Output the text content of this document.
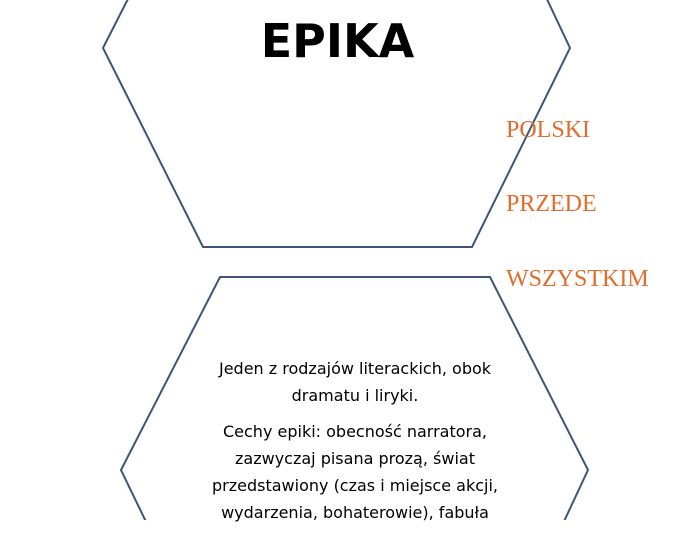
EPIKA
POLSKI
PRZEDE
WSZYSTKIM

Jeden z rodzajów literackich, obok dramatu i liryki.

Cechy epiki: obecność narratora, zazwyczaj pisana prozą, świat przedstawiony (czas i miejsce akcji, wydarzenia, bohaterowie), fabuła
